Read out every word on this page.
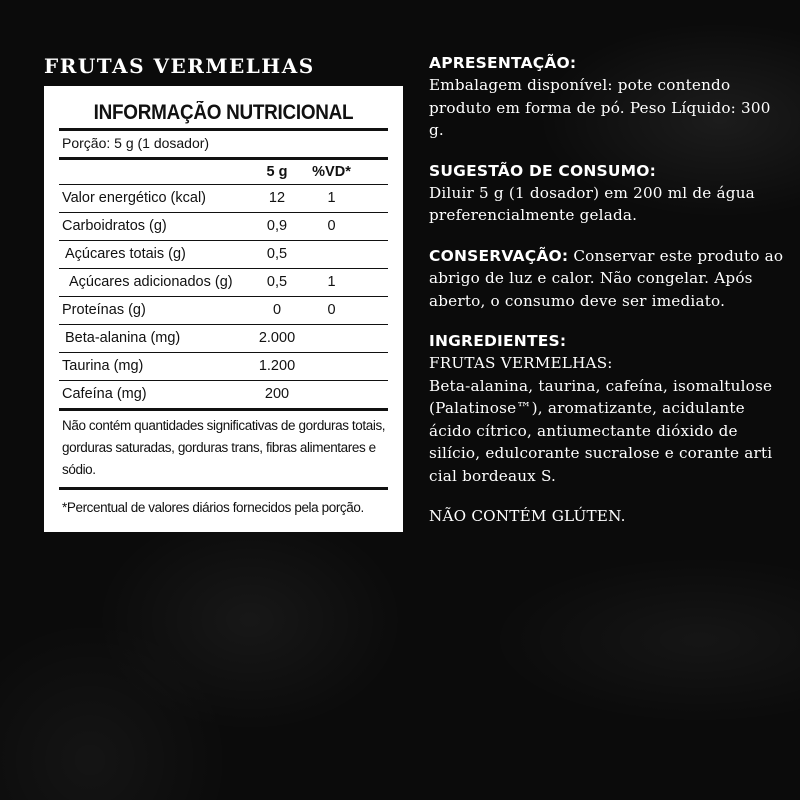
FRUTAS VERMELHAS
INFORMAÇÃO NUTRICIONAL
Porção: 5 g (1 dosador)
5 g	%VD*
Valor energético (kcal)	12	1
Carboidratos (g)	0,9	0
Açúcares totais (g)	0,5
Açúcares adicionados (g)	0,5	1
Proteínas (g)	0	0
Beta-alanina (mg)	2.000
Taurina (mg)	1.200
Cafeína (mg)	200
Não contém quantidades significativas de gorduras totais, gorduras saturadas, gorduras trans, fibras alimentares e sódio.
*Percentual de valores diários fornecidos pela porção.
APRESENTAÇÃO:
Embalagem disponível: pote contendo produto em forma de pó. Peso Líquido: 300 g.
SUGESTÃO DE CONSUMO:
Diluir 5 g (1 dosador) em 200 ml de água preferencialmente gelada.
CONSERVAÇÃO: Conservar este produto ao abrigo de luz e calor. Não congelar. Após aberto, o consumo deve ser imediato.
INGREDIENTES:
FRUTAS VERMELHAS:
Beta-alanina, taurina, cafeína, isomaltulose (Palatinose™), aromatizante, acidulante ácido cítrico, antiumectante dióxido de silício, edulcorante sucralose e corante arti cial bordeaux S.
NÃO CONTÉM GLÚTEN.
